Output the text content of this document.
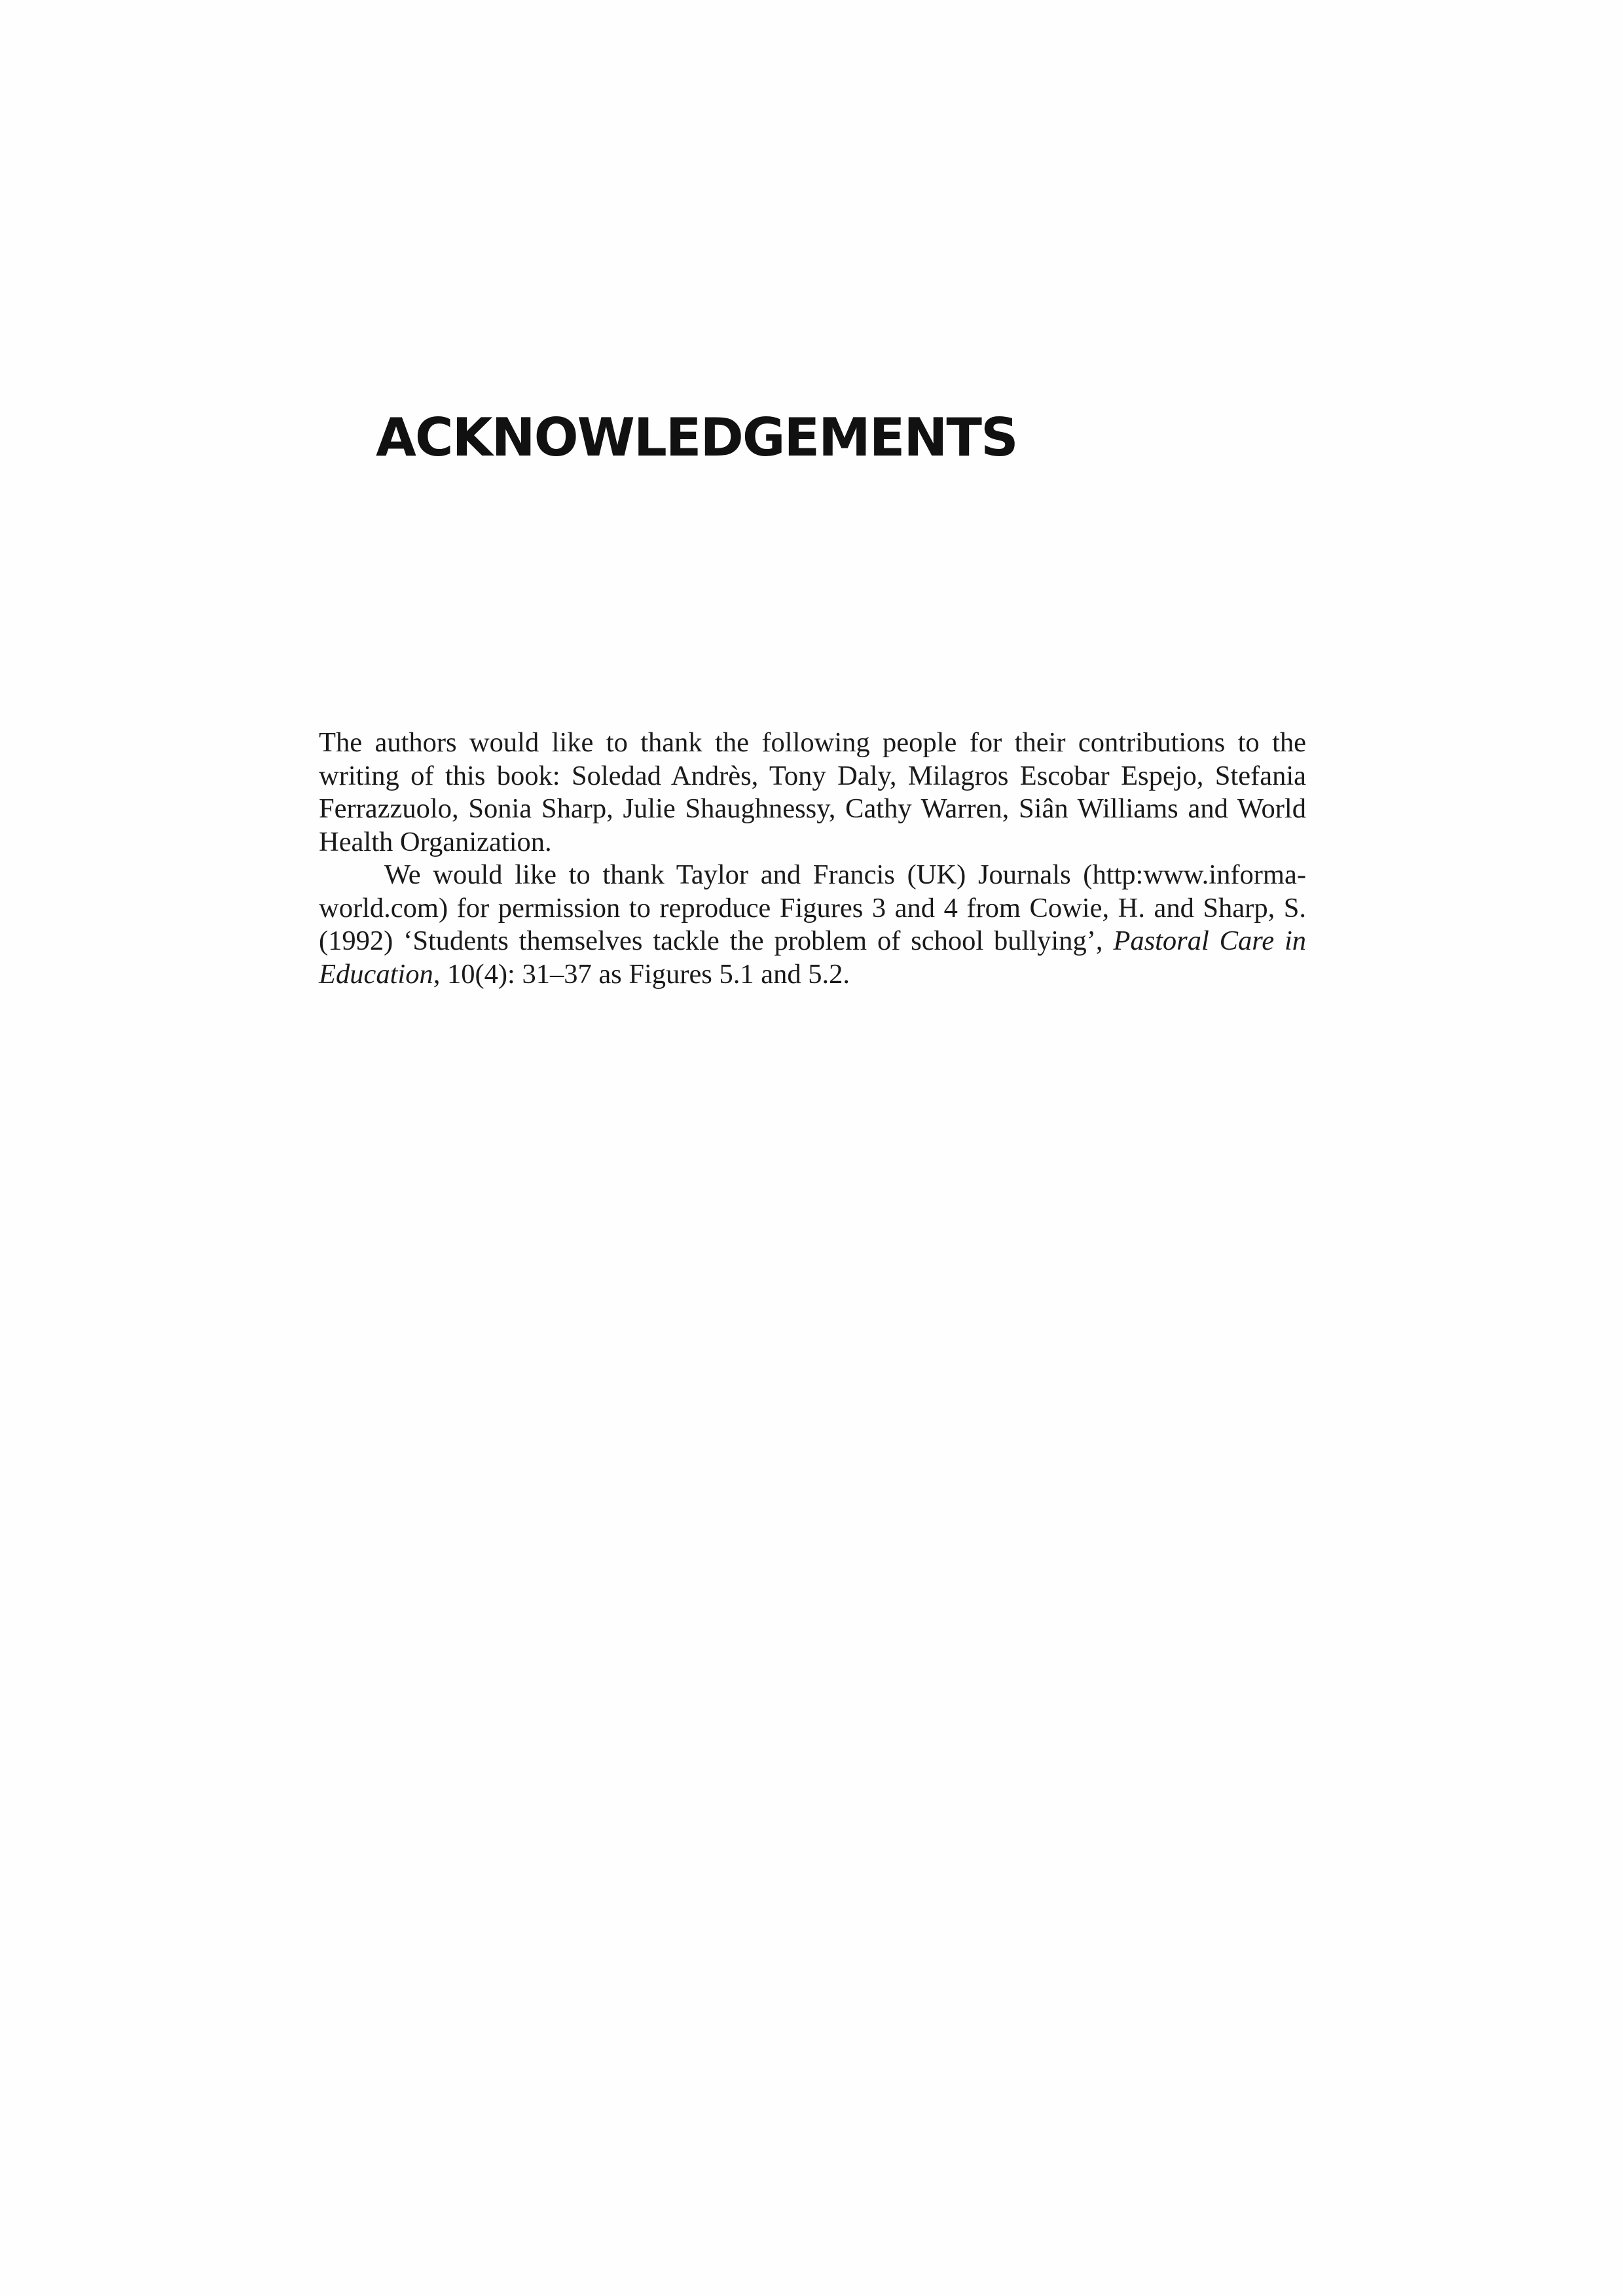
ACKNOWLEDGEMENTS

The authors would like to thank the following people for their contributions to the writing of this book: Soledad Andrès, Tony Daly, Milagros Escobar Espejo, Stefania Ferrazzuolo, Sonia Sharp, Julie Shaughnessy, Cathy Warren, Siân Williams and World Health Organization.

We would like to thank Taylor and Francis (UK) Journals (http:www.informa-world.com) for permission to reproduce Figures 3 and 4 from Cowie, H. and Sharp, S. (1992) ‘Students themselves tackle the problem of school bullying’, Pastoral Care in Education, 10(4): 31–37 as Figures 5.1 and 5.2.
